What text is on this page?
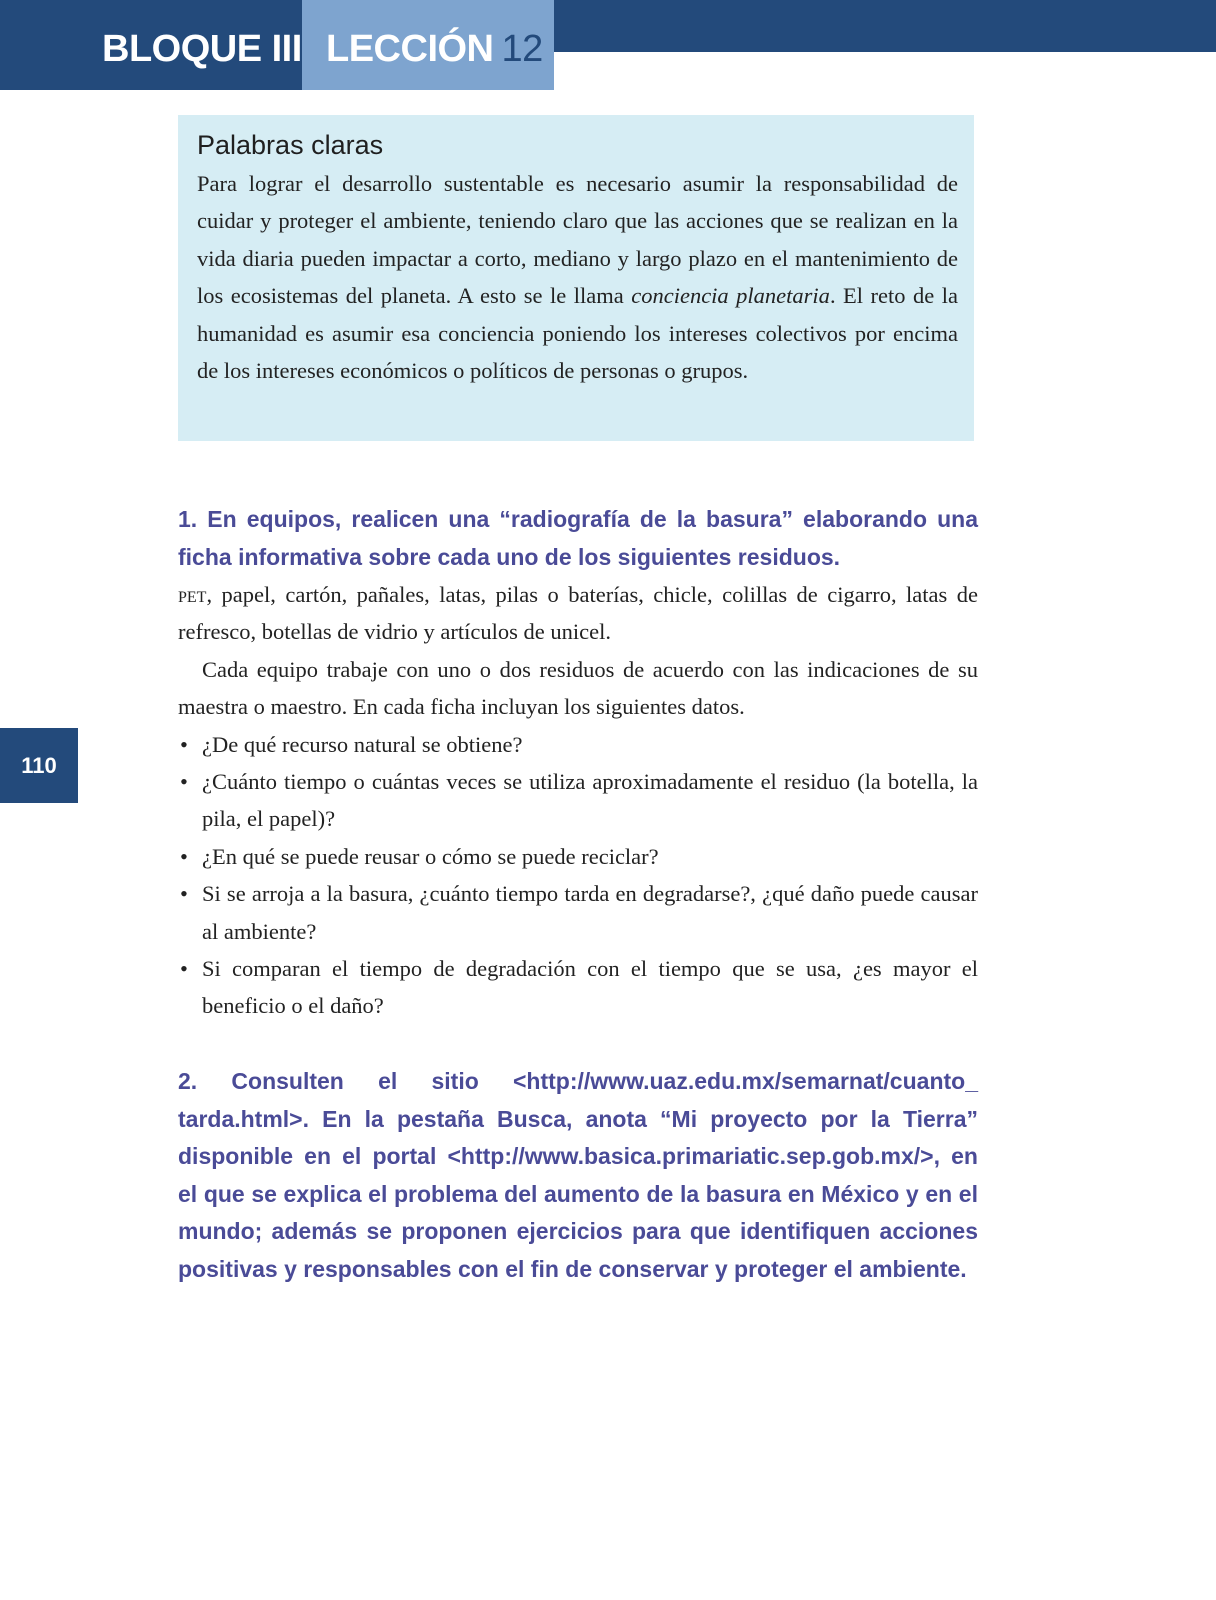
BLOQUE III LECCIÓN 12
110
Palabras claras
Para lograr el desarrollo sustentable es necesario asumir la responsabilidad de cuidar y proteger el ambiente, teniendo claro que las acciones que se realizan en la vida diaria pueden impactar a corto, mediano y largo plazo en el mantenimiento de los ecosistemas del planeta. A esto se le llama conciencia planetaria. El reto de la humanidad es asumir esa conciencia poniendo los intereses colectivos por encima de los intereses económicos o políticos de personas o grupos.

1. En equipos, realicen una “radiografía de la basura” elaborando una ficha informativa sobre cada uno de los siguientes residuos.

pet, papel, cartón, pañales, latas, pilas o baterías, chicle, colillas de cigarro, latas de refresco, botellas de vidrio y artículos de unicel.

Cada equipo trabaje con uno o dos residuos de acuerdo con las indicaciones de su maestra o maestro. En cada ficha incluyan los siguientes datos.

• ¿De qué recurso natural se obtiene?
• ¿Cuánto tiempo o cuántas veces se utiliza aproximadamente el residuo (la botella, la pila, el papel)?
• ¿En qué se puede reusar o cómo se puede reciclar?
• Si se arroja a la basura, ¿cuánto tiempo tarda en degradarse?, ¿qué daño puede causar al ambiente?
• Si comparan el tiempo de degradación con el tiempo que se usa, ¿es mayor el beneficio o el daño?

2. Consulten el sitio <http://www.uaz.edu.mx/semarnat/cuanto_​tarda.html>. En la pestaña Busca, anota “Mi proyecto por la Tierra” disponible en el portal <http://www.basica.primariatic.sep.gob.​mx/>, en el que se explica el problema del aumento de la basura en México y en el mundo; además se proponen ejercicios para que identifiquen acciones positivas y responsables con el fin de conservar y proteger el ambiente.
